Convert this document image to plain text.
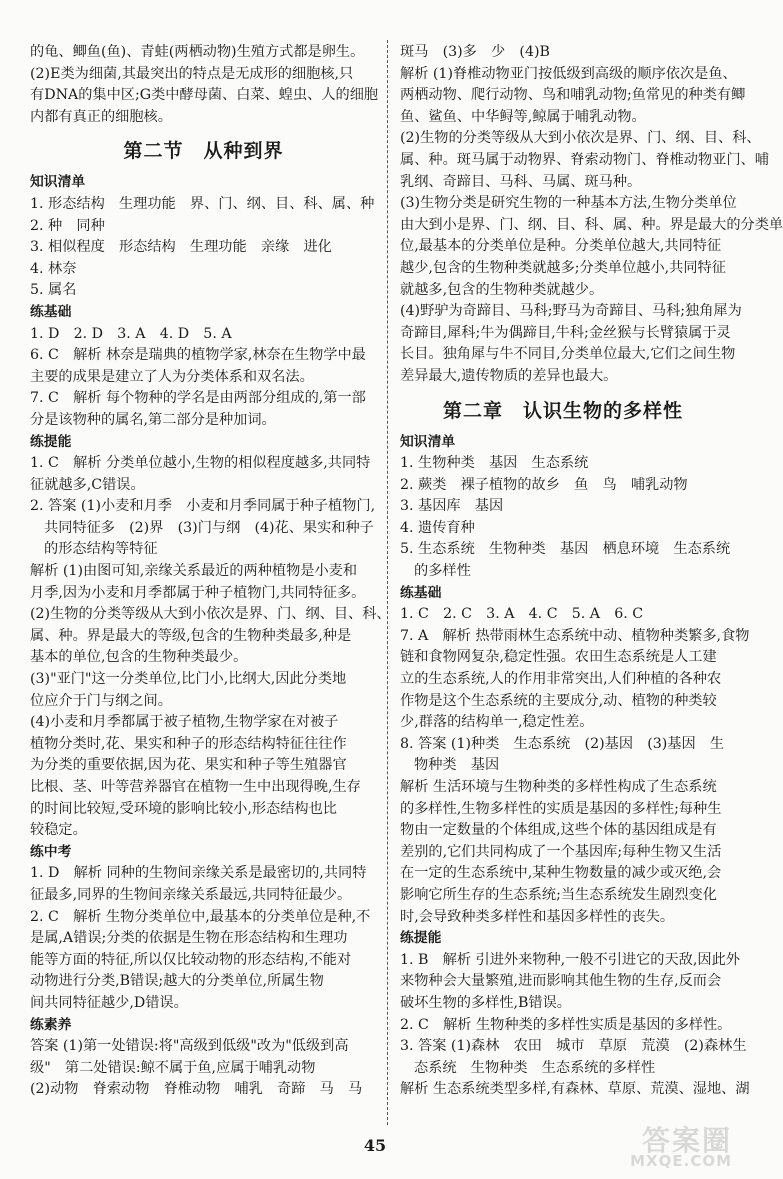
的龟、鲫鱼(鱼)、青蛙(两栖动物)生殖方式都是卵生。
(2)E类为细菌,其最突出的特点是无成形的细胞核,只
有DNA的集中区;G类中酵母菌、白菜、蝗虫、人的细胞
内都有真正的细胞核。
第二节　从种到界
知识清单
1. 形态结构　生理功能　界、门、纲、目、科、属、种
2. 种　同种
3. 相似程度　形态结构　生理功能　亲缘　进化
4. 林奈
5. 属名
练基础
1. D　2. D　3. A　4. D　5. A
6. C　解析 林奈是瑞典的植物学家,林奈在生物学中最
主要的成果是建立了人为分类体系和双名法。
7. C　解析 每个物种的学名是由两部分组成的,第一部
分是该物种的属名,第二部分是种加词。
练提能
1. C　解析 分类单位越小,生物的相似程度越多,共同特
征就越多,C错误。
2. 答案 (1)小麦和月季　小麦和月季同属于种子植物门,
共同特征多　(2)界　(3)门与纲　(4)花、果实和种子
的形态结构等特征
解析 (1)由图可知,亲缘关系最近的两种植物是小麦和
月季,因为小麦和月季都属于种子植物门,共同特征多。
(2)生物的分类等级从大到小依次是界、门、纲、目、科、
属、种。界是最大的等级,包含的生物种类最多,种是
基本的单位,包含的生物种类最少。
(3)"亚门"这一分类单位,比门小,比纲大,因此分类地
位应介于门与纲之间。
(4)小麦和月季都属于被子植物,生物学家在对被子
植物分类时,花、果实和种子的形态结构特征往往作
为分类的重要依据,因为花、果实和种子等生殖器官
比根、茎、叶等营养器官在植物一生中出现得晚,生存
的时间比较短,受环境的影响比较小,形态结构也比
较稳定。
练中考
1. D　解析 同种的生物间亲缘关系是最密切的,共同特
征最多,同界的生物间亲缘关系最远,共同特征最少。
2. C　解析 生物分类单位中,最基本的分类单位是种,不
是属,A错误;分类的依据是生物在形态结构和生理功
能等方面的特征,所以仅比较动物的形态结构,不能对
动物进行分类,B错误;越大的分类单位,所属生物
间共同特征越少,D错误。
练素养
答案 (1)第一处错误:将"高级到低级"改为"低级到高
级"　第二处错误:鲸不属于鱼,应属于哺乳动物
(2)动物　脊索动物　脊椎动物　哺乳　奇蹄　马　马
斑马　(3)多　少　(4)B
解析 (1)脊椎动物亚门按低级到高级的顺序依次是鱼、
两栖动物、爬行动物、鸟和哺乳动物;鱼常见的种类有鲫
鱼、鲨鱼、中华鲟等,鲸属于哺乳动物。
(2)生物的分类等级从大到小依次是界、门、纲、目、科、
属、种。斑马属于动物界、脊索动物门、脊椎动物亚门、哺
乳纲、奇蹄目、马科、马属、斑马种。
(3)生物分类是研究生物的一种基本方法,生物分类单位
由大到小是界、门、纲、目、科、属、种。界是最大的分类单
位,最基本的分类单位是种。分类单位越大,共同特征
越少,包含的生物种类就越多;分类单位越小,共同特征
就越多,包含的生物种类就越少。
(4)野驴为奇蹄目、马科;野马为奇蹄目、马科;独角犀为
奇蹄目,犀科;牛为偶蹄目,牛科;金丝猴与长臂猿属于灵
长目。独角犀与牛不同目,分类单位最大,它们之间生物
差异最大,遗传物质的差异也最大。
第二章　认识生物的多样性
知识清单
1. 生物种类　基因　生态系统
2. 蕨类　裸子植物的故乡　鱼　鸟　哺乳动物
3. 基因库　基因
4. 遗传育种
5. 生态系统　生物种类　基因　栖息环境　生态系统
的多样性
练基础
1. C　2. C　3. A　4. C　5. A　6. C
7. A　解析 热带雨林生态系统中动、植物种类繁多,食物
链和食物网复杂,稳定性强。农田生态系统是人工建
立的生态系统,人的作用非常突出,人们种植的各种农
作物是这个生态系统的主要成分,动、植物的种类较
少,群落的结构单一,稳定性差。
8. 答案 (1)种类　生态系统　(2)基因　(3)基因　生
物种类　基因
解析 生活环境与生物种类的多样性构成了生态系统
的多样性,生物多样性的实质是基因的多样性;每种生
物由一定数量的个体组成,这些个体的基因组成是有
差别的,它们共同构成了一个基因库;每种生物又生活
在一定的生态系统中,某种生物数量的减少或灭绝,会
影响它所生存的生态系统;当生态系统发生剧烈变化
时,会导致种类多样性和基因多样性的丧失。
练提能
1. B　解析 引进外来物种,一般不引进它的天敌,因此外
来物种会大量繁殖,进而影响其他生物的生存,反而会
破坏生物的多样性,B错误。
2. C　解析 生物种类的多样性实质是基因的多样性。
3. 答案 (1)森林　农田　城市　草原　荒漠　(2)森林生
态系统　生物种类　生态系统的多样性
解析 生态系统类型多样,有森林、草原、荒漠、湿地、湖
45	答案圈
MXQE.COM
